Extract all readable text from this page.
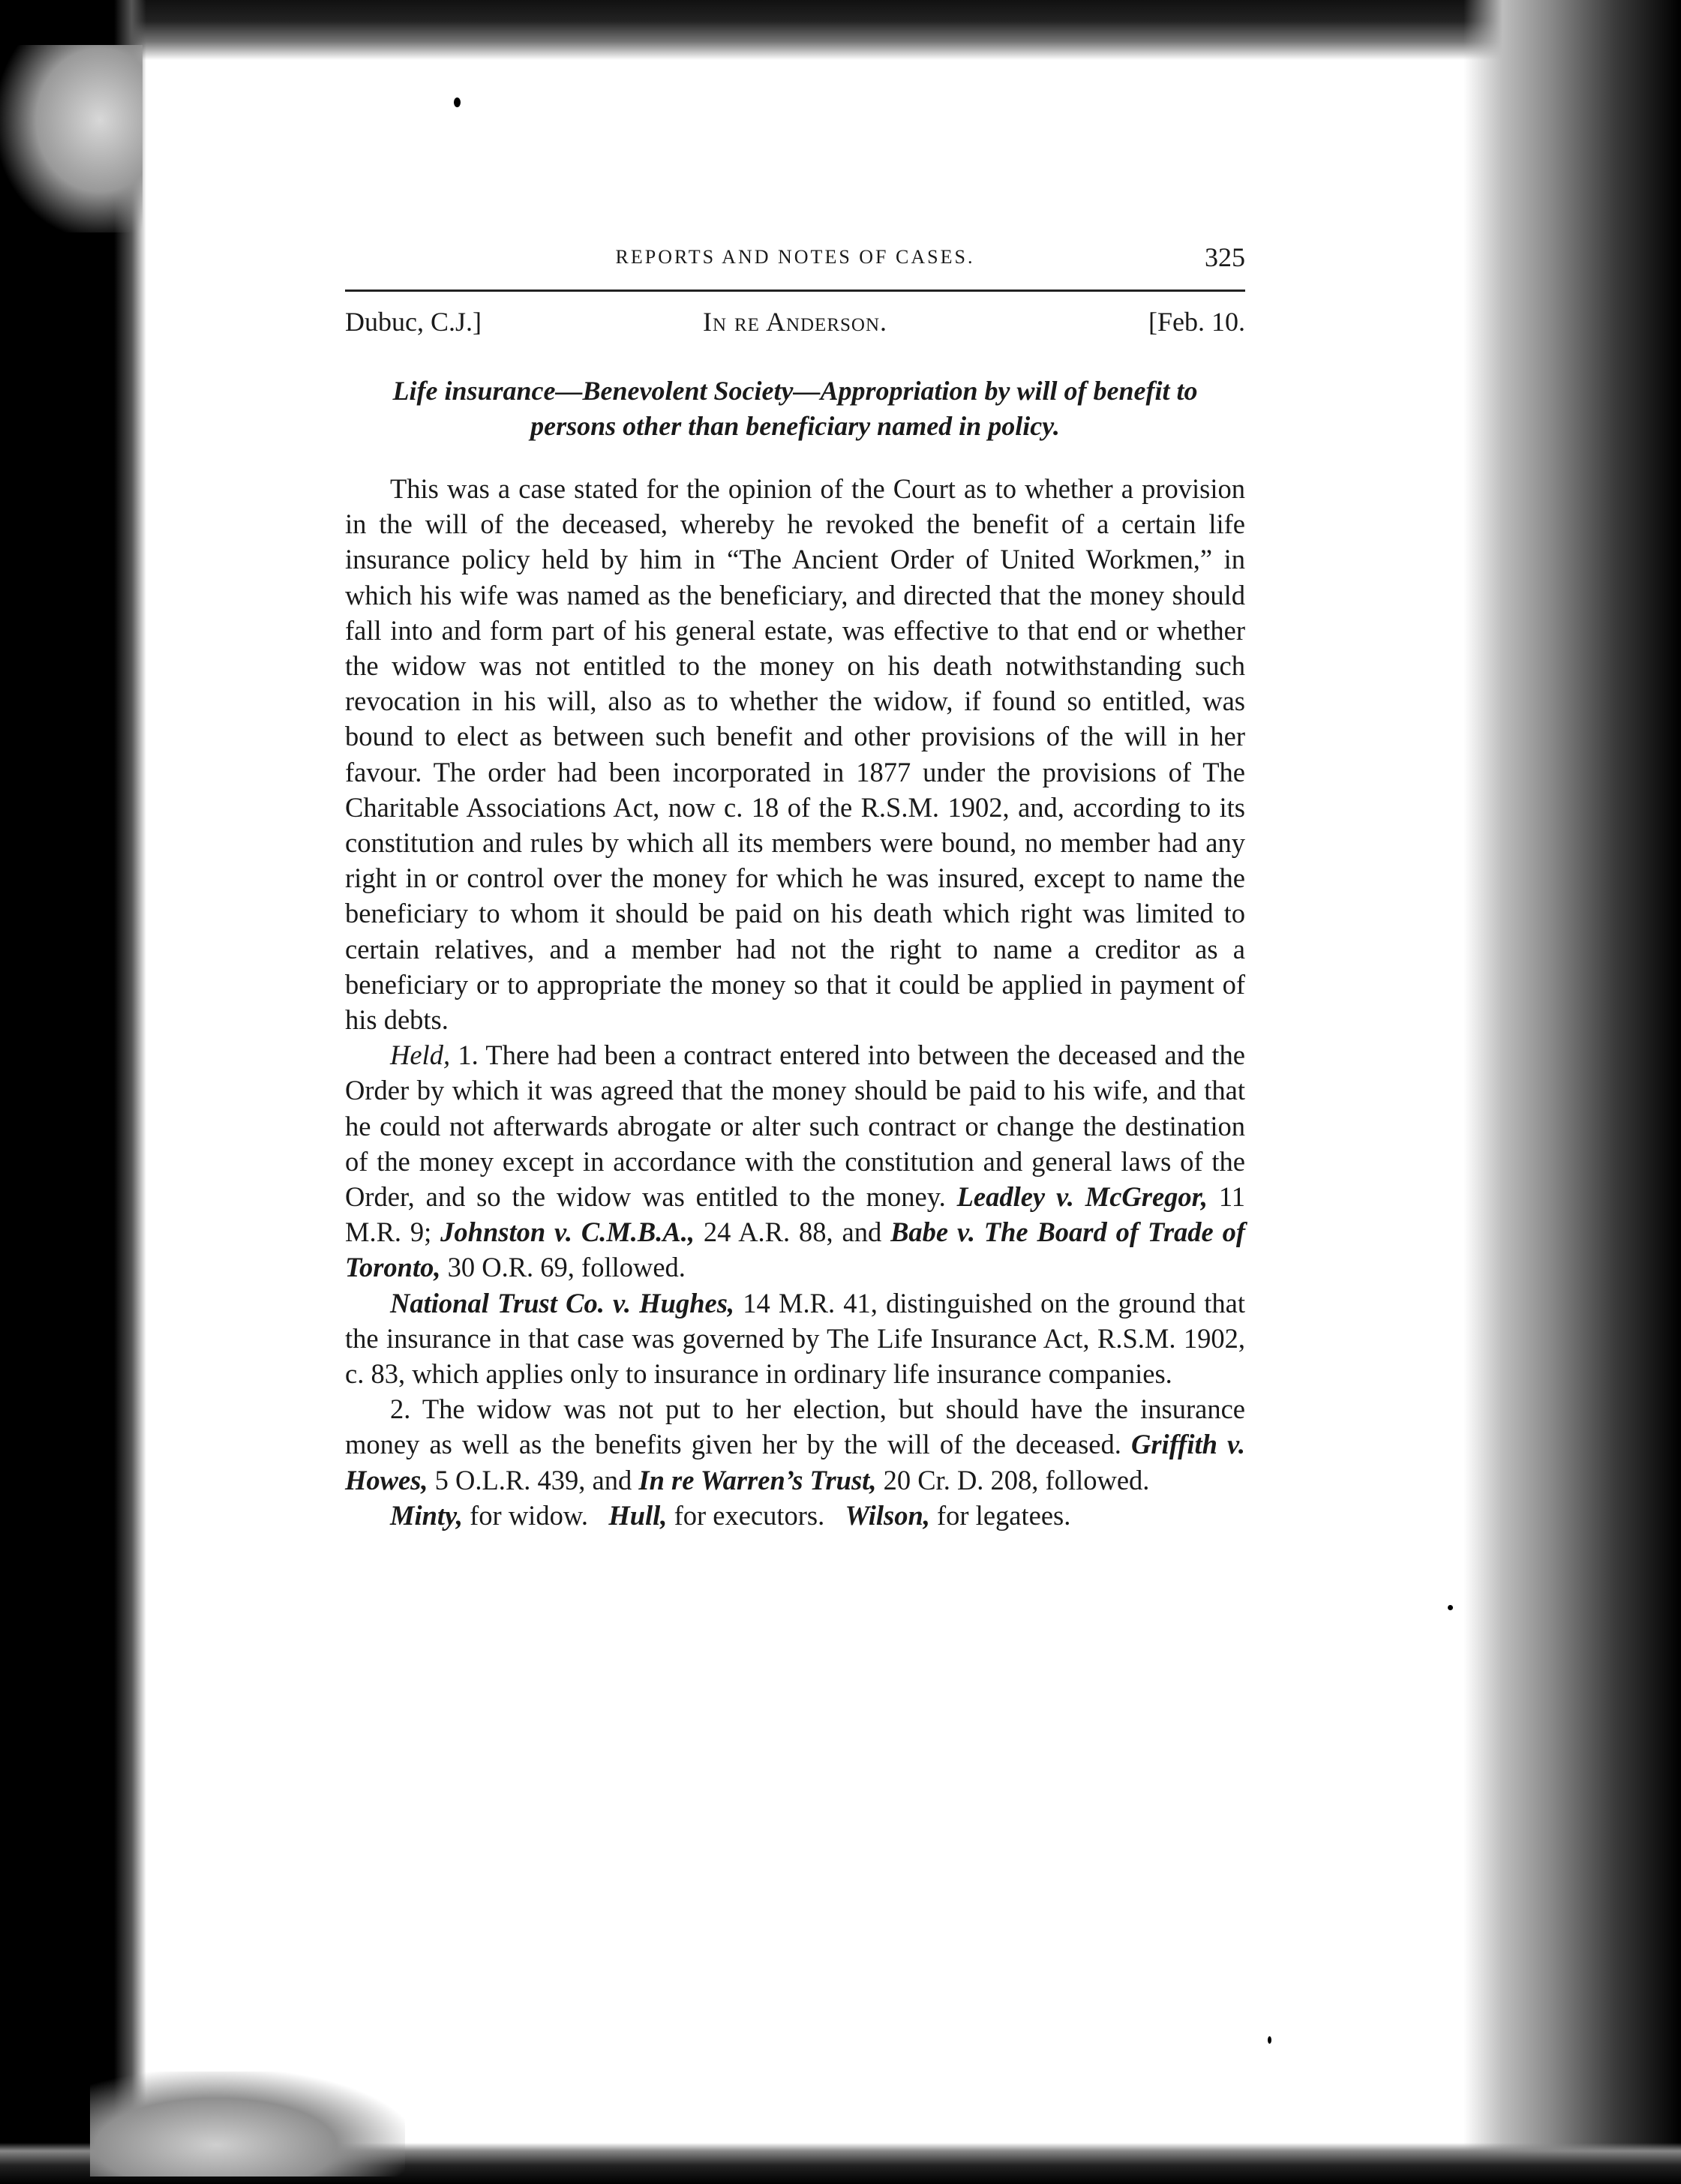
REPORTS AND NOTES OF CASES.	325
Dubuc, C.J.]	In re Anderson.	[Feb. 10.
Life insurance—Benevolent Society—Appropriation by will of benefit to persons other than beneficiary named in policy.

This was a case stated for the opinion of the Court as to whether a provision in the will of the deceased, whereby he revoked the benefit of a certain life insurance policy held by him in “The Ancient Order of United Workmen,” in which his wife was named as the beneficiary, and directed that the money should fall into and form part of his general estate, was effective to that end or whether the widow was not entitled to the money on his death notwithstanding such revocation in his will, also as to whether the widow, if found so entitled, was bound to elect as between such benefit and other provisions of the will in her favour. The order had been incorporated in 1877 under the provisions of The Charitable Associations Act, now c. 18 of the R.S.M. 1902, and, according to its constitution and rules by which all its members were bound, no member had any right in or control over the money for which he was insured, except to name the beneficiary to whom it should be paid on his death which right was limited to certain relatives, and a member had not the right to name a creditor as a beneficiary or to appropriate the money so that it could be applied in payment of his debts.

Held, 1. There had been a contract entered into between the deceased and the Order by which it was agreed that the money should be paid to his wife, and that he could not afterwards abrogate or alter such contract or change the destination of the money except in accordance with the constitution and general laws of the Order, and so the widow was entitled to the money. Leadley v. McGregor, 11 M.R. 9; Johnston v. C.M.B.A., 24 A.R. 88, and Babe v. The Board of Trade of Toronto, 30 O.R. 69, followed.

National Trust Co. v. Hughes, 14 M.R. 41, distinguished on the ground that the insurance in that case was governed by The Life Insurance Act, R.S.M. 1902, c. 83, which applies only to insurance in ordinary life insurance companies.

2. The widow was not put to her election, but should have the insurance money as well as the benefits given her by the will of the deceased. Griffith v. Howes, 5 O.L.R. 439, and In re Warren’s Trust, 20 Cr. D. 208, followed.

Minty, for widow. Hull, for executors. Wilson, for legatees.
